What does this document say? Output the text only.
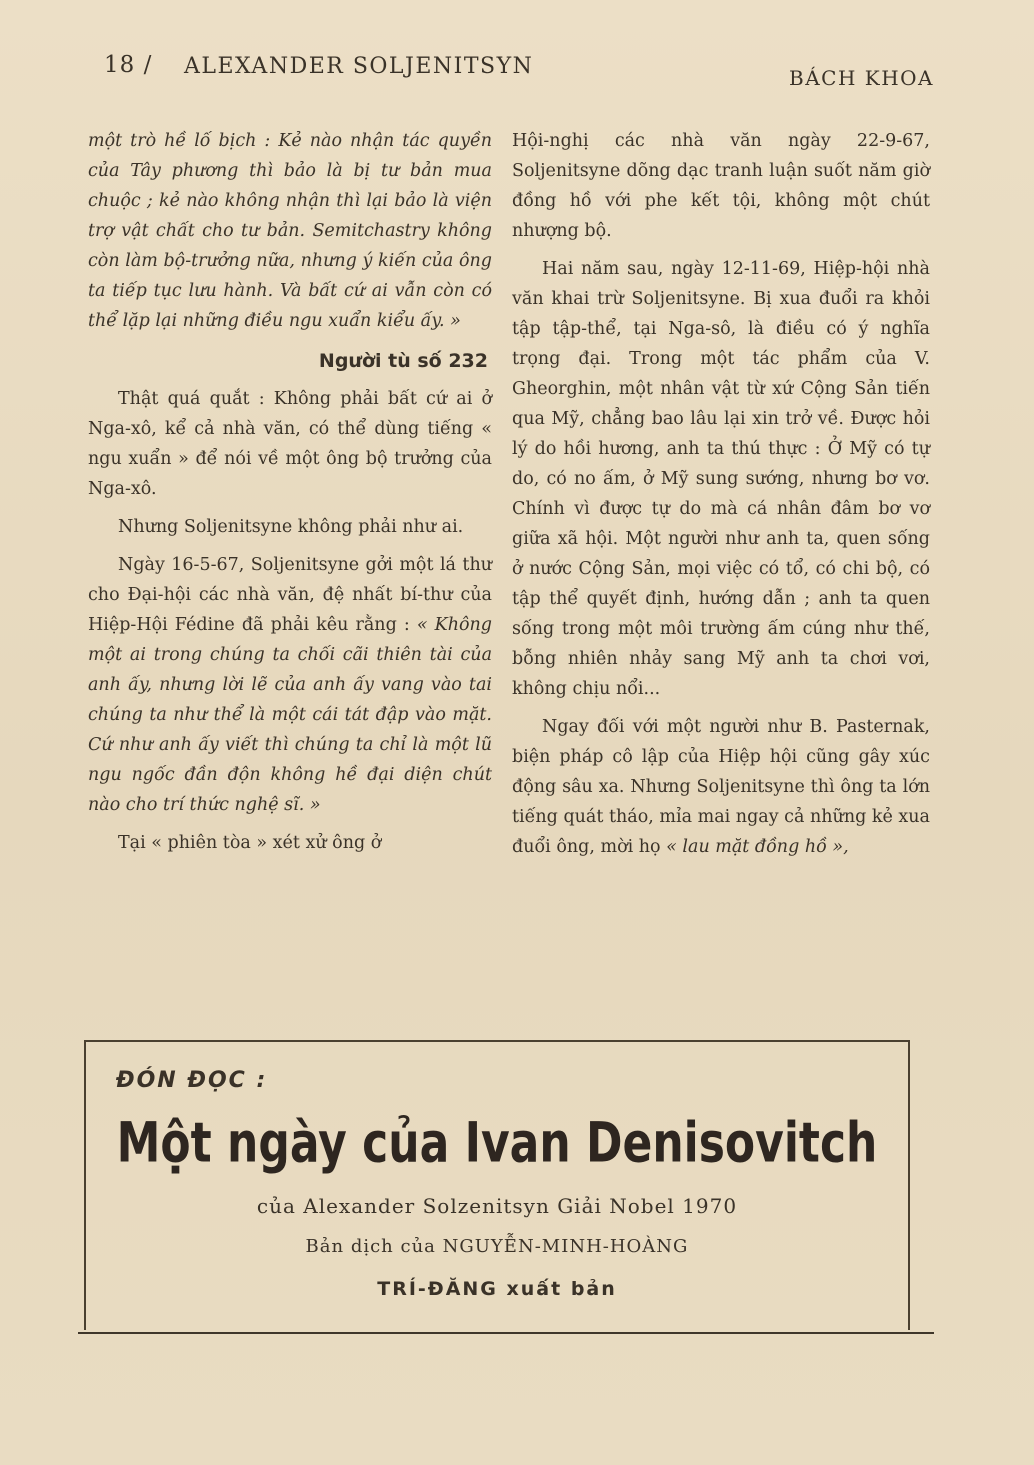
18 / ALEXANDER SOLJENITSYN	BÁCH KHOA

một trò hề lố bịch : Kẻ nào nhận tác quyền của Tây phương thì bảo là bị tư bản mua chuộc ; kẻ nào không nhận thì lại bảo là viện trợ vật chất cho tư bản. Semitchastry không còn làm bộ-trưởng nữa, nhưng ý kiến của ông ta tiếp tục lưu hành. Và bất cứ ai vẫn còn có thể lặp lại những điều ngu xuẩn kiểu ấy. »

Người tù số 232

Thật quá quắt : Không phải bất cứ ai ở Nga-xô, kể cả nhà văn, có thể dùng tiếng « ngu xuẩn » để nói về một ông bộ trưởng của Nga-xô.

Nhưng Soljenitsyne không phải như ai.

Ngày 16-5-67, Soljenitsyne gởi một lá thư cho Đại-hội các nhà văn, đệ nhất bí-thư của Hiệp-Hội Fédine đã phải kêu rằng : « Không một ai trong chúng ta chối cãi thiên tài của anh ấy, nhưng lời lẽ của anh ấy vang vào tai chúng ta như thể là một cái tát đập vào mặt. Cứ như anh ấy viết thì chúng ta chỉ là một lũ ngu ngốc đần độn không hề đại diện chút nào cho trí thức nghệ sĩ. »

Tại « phiên tòa » xét xử ông ở

Hội-nghị các nhà văn ngày 22-9-67, Soljenitsyne dõng dạc tranh luận suốt năm giờ đồng hồ với phe kết tội, không một chút nhượng bộ.

Hai năm sau, ngày 12-11-69, Hiệp-hội nhà văn khai trừ Soljenitsyne. Bị xua đuổi ra khỏi tập tập-thể, tại Nga-sô, là điều có ý nghĩa trọng đại. Trong một tác phẩm của V. Gheorghin, một nhân vật từ xứ Cộng Sản tiến qua Mỹ, chẳng bao lâu lại xin trở về. Được hỏi lý do hồi hương, anh ta thú thực : Ở Mỹ có tự do, có no ấm, ở Mỹ sung sướng, nhưng bơ vơ. Chính vì được tự do mà cá nhân đâm bơ vơ giữa xã hội. Một người như anh ta, quen sống ở nước Cộng Sản, mọi việc có tổ, có chi bộ, có tập thể quyết định, hướng dẫn ; anh ta quen sống trong một môi trường ấm cúng như thế, bỗng nhiên nhảy sang Mỹ anh ta chơi vơi, không chịu nổi...

Ngay đối với một người như B. Pasternak, biện pháp cô lập của Hiệp hội cũng gây xúc động sâu xa. Nhưng Soljenitsyne thì ông ta lớn tiếng quát tháo, mỉa mai ngay cả những kẻ xua đuổi ông, mời họ « lau mặt đồng hồ »,

ĐÓN ĐỌC :
Một ngày của Ivan Denisovitch
của Alexander Solzenitsyn Giải Nobel 1970
Bản dịch của NGUYỄN-MINH-HOÀNG
TRÍ-ĐĂNG xuất bản
